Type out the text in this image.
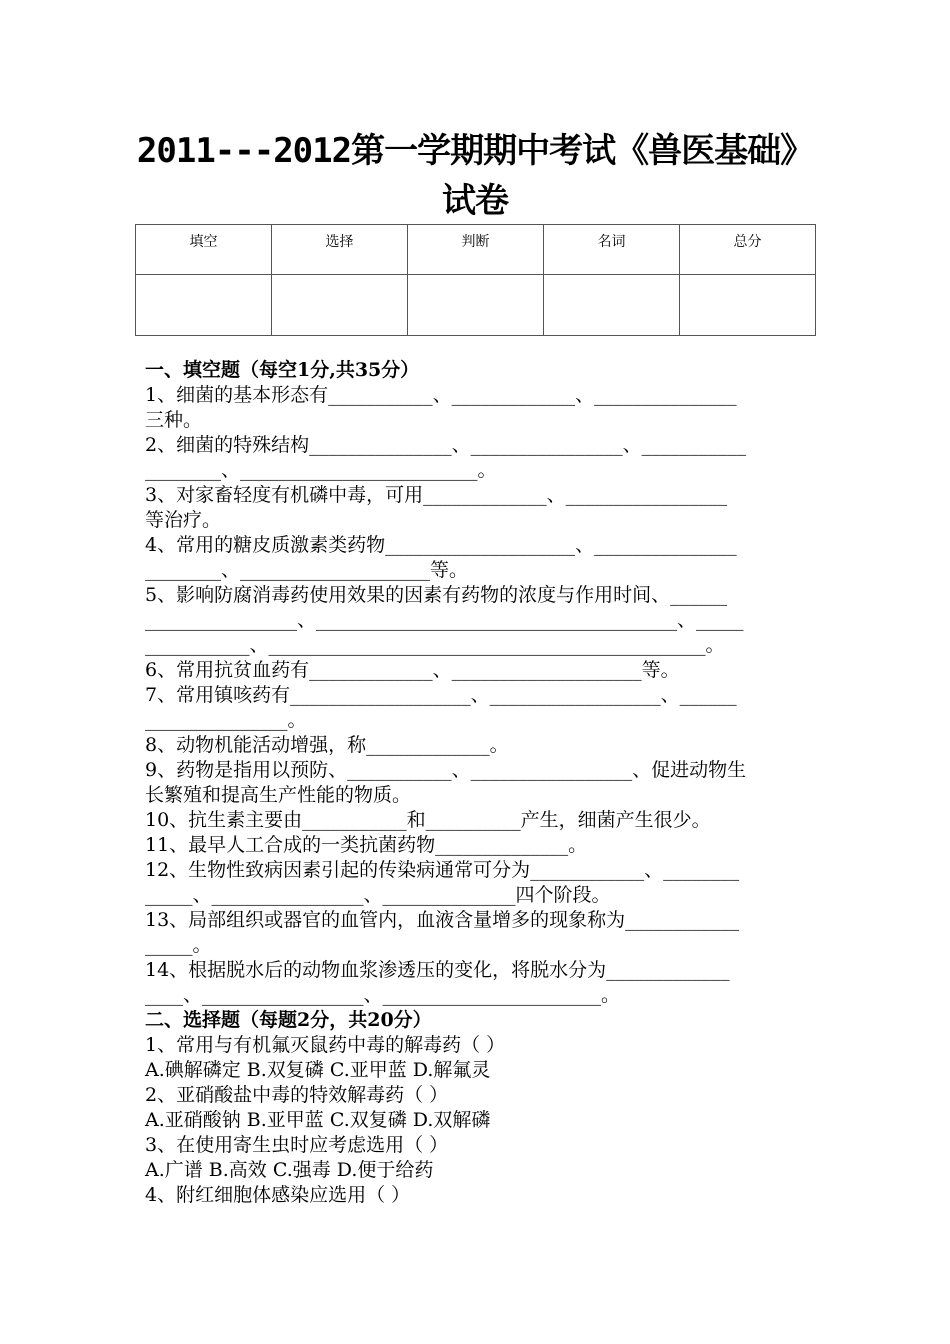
2011---2012第一学期期中考试《兽医基础》
试卷
填空	选择	判断	名词	总分

一、填空题（每空1分,共35分）
1、细菌的基本形态有___________、_____________、_______________
三种。
2、细菌的特殊结构_______________、________________、___________
________、_________________________。
3、对家畜轻度有机磷中毒，可用_____________、_________________
等治疗。
4、常用的糖皮质激素类药物____________________、_______________
________、____________________等。
5、影响防腐消毒药使用效果的因素有药物的浓度与作用时间、______
________________、______________________________________、_____
___________、______________________________________________。
6、常用抗贫血药有_____________、____________________等。
7、常用镇咳药有___________________、__________________、______
_______________。
8、动物机能活动增强，称_____________。
9、药物是指用以预防、___________、_________________、促进动物生
长繁殖和提高生产性能的物质。
10、抗生素主要由___________和__________产生，细菌产生很少。
11、最早人工合成的一类抗菌药物______________。
12、生物性致病因素引起的传染病通常可分为____________、________
_____、________________、______________四个阶段。
13、局部组织或器官的血管内，血液含量增多的现象称为____________
_____。
14、根据脱水后的动物血浆渗透压的变化，将脱水分为_____________
____、_________________、_______________________。
二、选择题（每题2分，共20分）
1、常用与有机氟灭鼠药中毒的解毒药（ ）
A.碘解磷定 B.双复磷 C.亚甲蓝 D.解氟灵
2、亚硝酸盐中毒的特效解毒药（ ）
A.亚硝酸钠 B.亚甲蓝 C.双复磷 D.双解磷
3、在使用寄生虫时应考虑选用（ ）
A.广谱 B.高效 C.强毒 D.便于给药
4、附红细胞体感染应选用（ ）
